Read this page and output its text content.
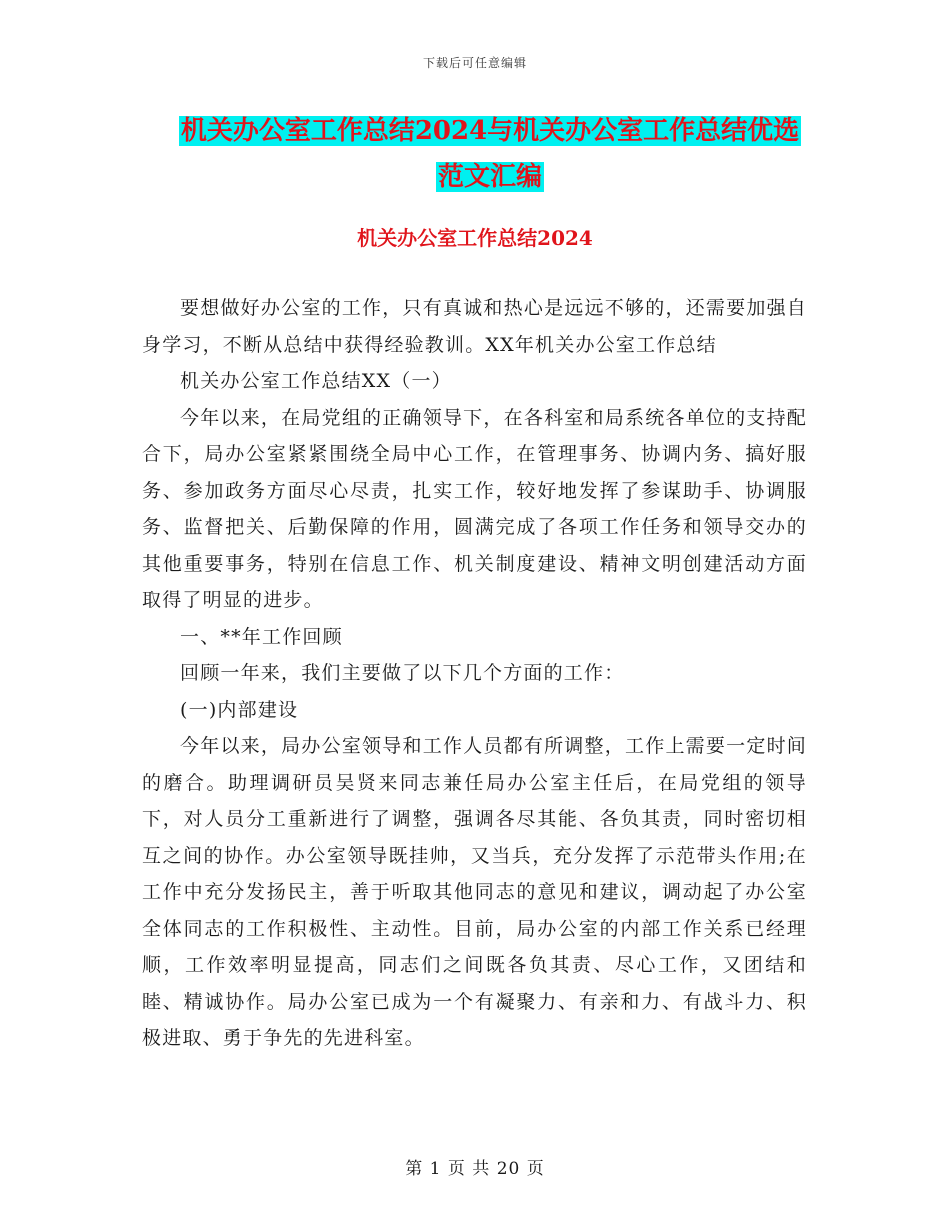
下载后可任意编辑
机关办公室工作总结2024与机关办公室工作总结优选
范文汇编
机关办公室工作总结2024

要想做好办公室的工作，只有真诚和热心是远远不够的，还需要加强自身学习，不断从总结中获得经验教训。XX年机关办公室工作总结

机关办公室工作总结XX（一）

今年以来，在局党组的正确领导下，在各科室和局系统各单位的支持配合下，局办公室紧紧围绕全局中心工作，在管理事务、协调内务、搞好服务、参加政务方面尽心尽责，扎实工作，较好地发挥了参谋助手、协调服务、监督把关、后勤保障的作用，圆满完成了各项工作任务和领导交办的其他重要事务，特别在信息工作、机关制度建设、精神文明创建活动方面取得了明显的进步。

一、**年工作回顾

回顾一年来，我们主要做了以下几个方面的工作：

(一)内部建设

今年以来，局办公室领导和工作人员都有所调整，工作上需要一定时间的磨合。助理调研员吴贤来同志兼任局办公室主任后，在局党组的领导下，对人员分工重新进行了调整，强调各尽其能、各负其责，同时密切相互之间的协作。办公室领导既挂帅，又当兵，充分发挥了示范带头作用;在工作中充分发扬民主，善于听取其他同志的意见和建议，调动起了办公室全体同志的工作积极性、主动性。目前，局办公室的内部工作关系已经理顺，工作效率明显提高，同志们之间既各负其责、尽心工作，又团结和睦、精诚协作。局办公室已成为一个有凝聚力、有亲和力、有战斗力、积极进取、勇于争先的先进科室。

第 1 页 共 20 页
